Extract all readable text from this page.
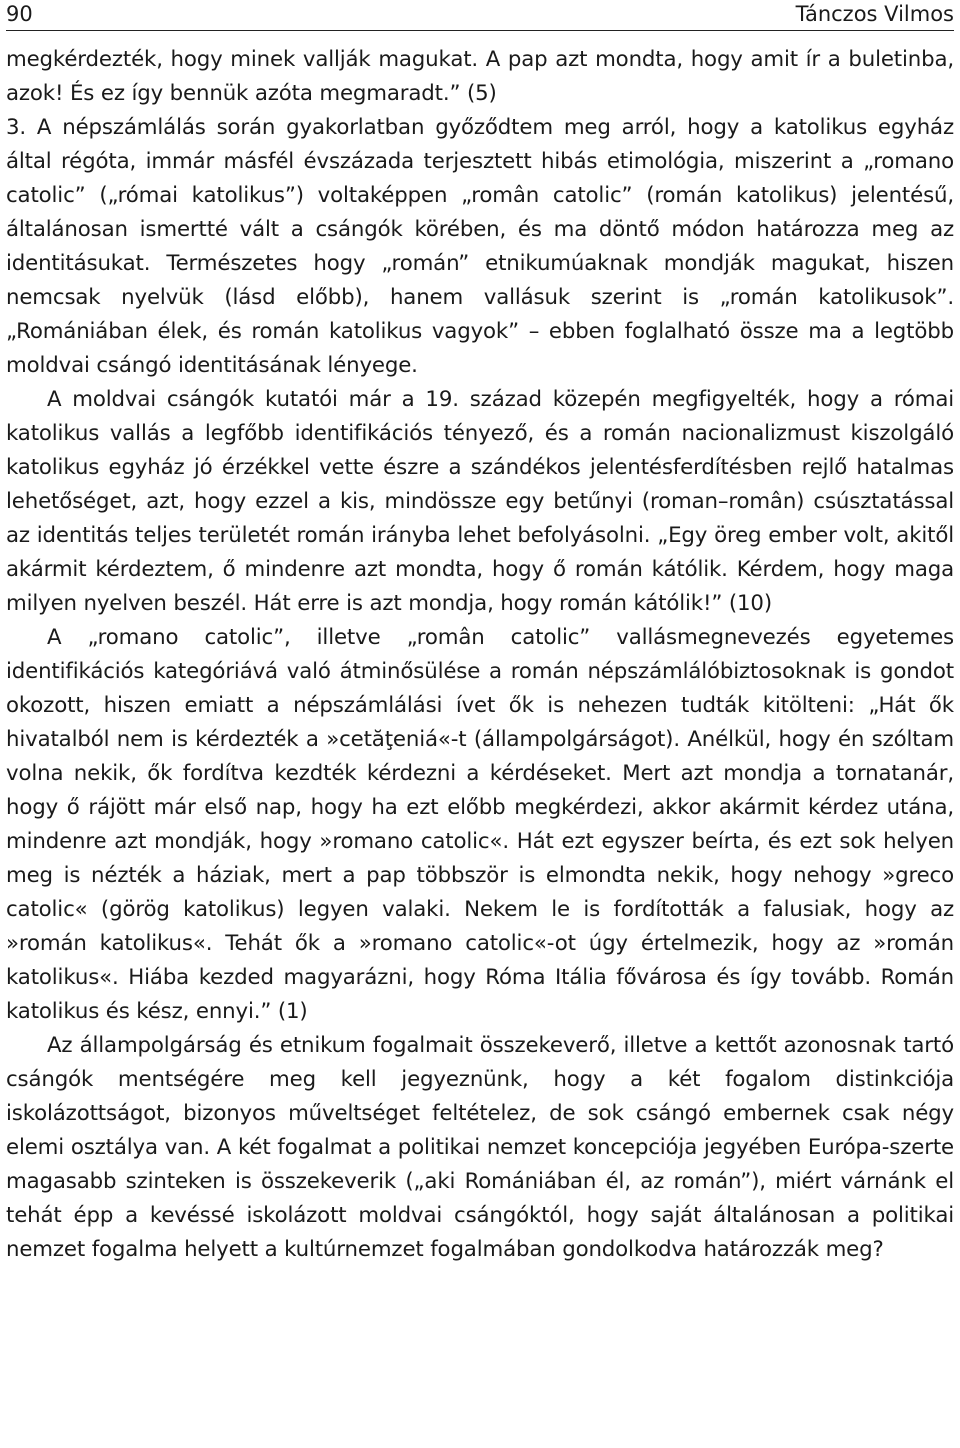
90	Tánczos Vilmos

megkérdezték, hogy minek vallják magukat. A pap azt mondta, hogy amit ír a buletinba, azok! És ez így bennük azóta megmaradt.” (5)

3. A népszámlálás során gyakorlatban győződtem meg arról, hogy a katolikus egyház által régóta, immár másfél évszázada terjesztett hibás etimológia, miszerint a „romano catolic” („római katolikus”) voltaképpen „român catolic” (román katolikus) jelentésű, általánosan ismertté vált a csángók körében, és ma döntő módon határozza meg az identitásukat. Természetes hogy „román” etnikumúaknak mondják magukat, hiszen nemcsak nyelvük (lásd előbb), hanem vallásuk szerint is „román katolikusok”. „Romániában élek, és román katolikus vagyok” – ebben foglalható össze ma a legtöbb moldvai csángó identitásának lényege.

A moldvai csángók kutatói már a 19. század közepén megfigyelték, hogy a római katolikus vallás a legfőbb identifikációs tényező, és a román nacionalizmust kiszolgáló katolikus egyház jó érzékkel vette észre a szándékos jelentésferdítésben rejlő hatalmas lehetőséget, azt, hogy ezzel a kis, mindössze egy betűnyi (roman–român) csúsztatással az identitás teljes területét román irányba lehet befolyásolni. „Egy öreg ember volt, akitől akármit kérdeztem, ő mindenre azt mondta, hogy ő román kátólik. Kérdem, hogy maga milyen nyelven beszél. Hát erre is azt mondja, hogy román kátólik!” (10)

A „romano catolic”, illetve „român catolic” vallásmegnevezés egyetemes identifikációs kategóriává való átminősülése a román népszámlálóbiztosoknak is gondot okozott, hiszen emiatt a népszámlálási ívet ők is nehezen tudták kitölteni: „Hát ők hivatalból nem is kérdezték a »cetăţeniá«-t (állampolgárságot). Anélkül, hogy én szóltam volna nekik, ők fordítva kezdték kérdezni a kérdéseket. Mert azt mondja a tornatanár, hogy ő rájött már első nap, hogy ha ezt előbb megkérdezi, akkor akármit kérdez utána, mindenre azt mondják, hogy »romano catolic«. Hát ezt egyszer beírta, és ezt sok helyen meg is nézték a háziak, mert a pap többször is elmondta nekik, hogy nehogy »greco catolic« (görög katolikus) legyen valaki. Nekem le is fordították a falusiak, hogy az »román katolikus«. Tehát ők a »romano catolic«-ot úgy értelmezik, hogy az »román katolikus«. Hiába kezded magyarázni, hogy Róma Itália fővárosa és így tovább. Román katolikus és kész, ennyi.” (1)

Az állampolgárság és etnikum fogalmait összekeverő, illetve a kettőt azonosnak tartó csángók mentségére meg kell jegyeznünk, hogy a két fogalom distinkciója iskolázottságot, bizonyos műveltséget feltételez, de sok csángó embernek csak négy elemi osztálya van. A két fogalmat a politikai nemzet koncepciója jegyében Európa-szerte magasabb szinteken is összekeverik („aki Romániában él, az román”), miért várnánk el tehát épp a kevéssé iskolázott moldvai csángóktól, hogy saját általánosan a politikai nemzet fogalma helyett a kultúrnemzet fogalmában gondolkodva határozzák meg?
